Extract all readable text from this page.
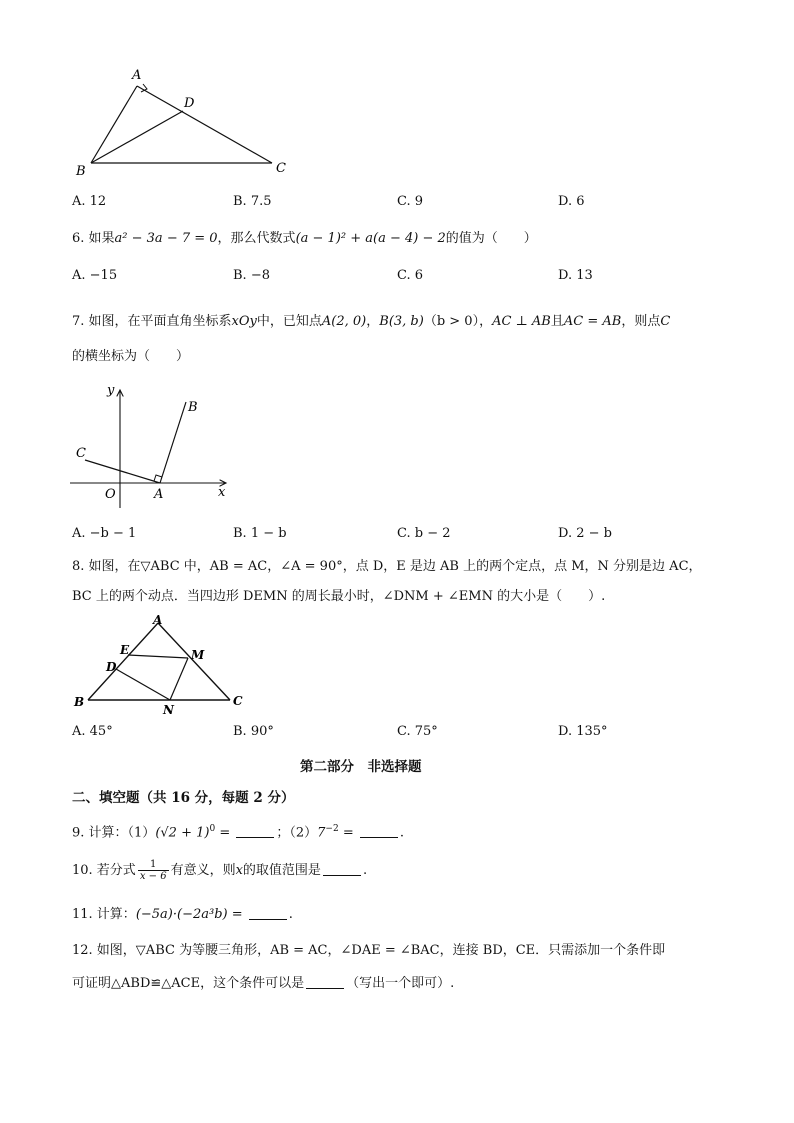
A
D
B	C
A. 12	B. 7.5	C. 9	D. 6
6. 如果a² − 3a − 7 = 0，那么代数式(a − 1)² + a(a − 4) − 2的值为（　　）
A. −15	B. −8	C. 6	D. 13
7. 如图，在平面直角坐标系xOy中，已知点A(2, 0)，B(3, b)（b > 0），AC ⊥ AB且AC = AB，则点C
的横坐标为（　　）
y
x
O	A
B
C
A. −b − 1	B. 1 − b	C. b − 2	D. 2 − b
8. 如图，在▽ABC 中，AB = AC，∠A = 90°，点 D，E 是边 AB 上的两个定点，点 M，N 分别是边 AC，
BC 上的两个动点．当四边形 DEMN 的周长最小时，∠DNM + ∠EMN 的大小是（　　）.
A
E
D
M
B
N
C
A. 45°	B. 90°	C. 75°	D. 135°
第二部分　非选择题
二、填空题（共 16 分，每题 2 分）
9. 计算：$(1)(√2 + 1)^0$ =	；$(2)7^{-2}$ =	.
10. 若分式 $\frac{1}{x - 6}$ 有意义，则x的取值范围是	.
11. 计算：(−5a)·(−2a³b) =	.
12. 如图，▽ABC 为等腰三角形，AB = AC，∠DAE = ∠BAC，连接 BD，CE．只需添加一个条件即
可证明△ABD≌△ACE，这个条件可以是	（写出一个即可）.
